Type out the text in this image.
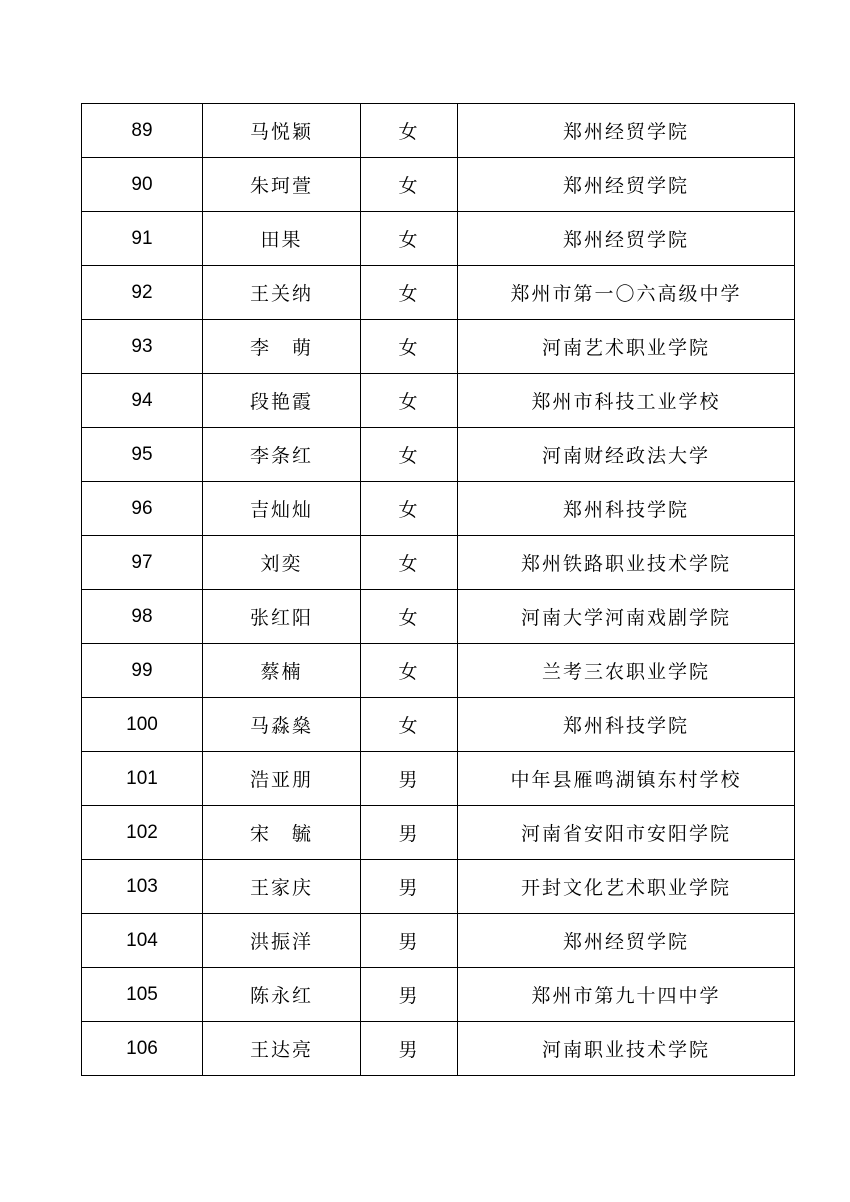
89	马悦颖	女	郑州经贸学院
90	朱珂萱	女	郑州经贸学院
91	田果	女	郑州经贸学院
92	王关纳	女	郑州市第一〇六高级中学
93	李　萌	女	河南艺术职业学院
94	段艳霞	女	郑州市科技工业学校
95	李条红	女	河南财经政法大学
96	吉灿灿	女	郑州科技学院
97	刘奕	女	郑州铁路职业技术学院
98	张红阳	女	河南大学河南戏剧学院
99	蔡楠	女	兰考三农职业学院
100	马淼燊	女	郑州科技学院
101	浩亚朋	男	中年县雁鸣湖镇东村学校
102	宋　毓	男	河南省安阳市安阳学院
103	王家庆	男	开封文化艺术职业学院
104	洪振洋	男	郑州经贸学院
105	陈永红	男	郑州市第九十四中学
106	王达亮	男	河南职业技术学院
